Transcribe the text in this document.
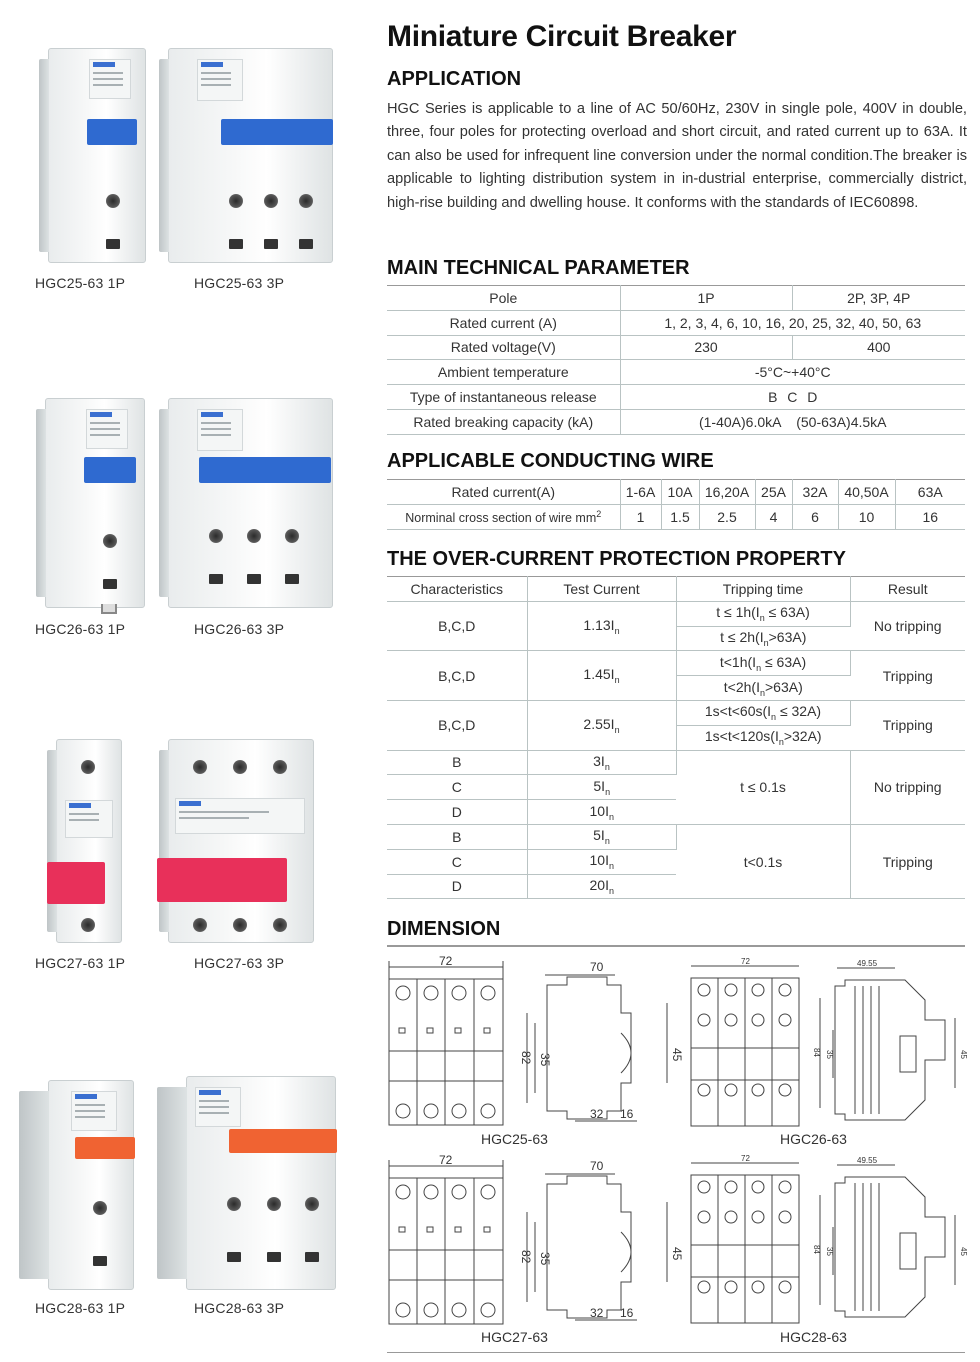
HGC25-63 1P	HGC25-63 3P
HGC26-63 1P	HGC26-63 3P
HGC27-63 1P	HGC27-63 3P
HGC28-63 1P	HGC28-63 3P
Miniature Circuit Breaker
APPLICATION
HGC Series is applicable to a line of AC 50/60Hz, 230V in single pole, 400V in double, three, four poles for protecting overload and short circuit, and rated current up to 63A. It can also be used for infrequent line conversion under the normal condition.The breaker is applicable to lighting distribution system in in-dustrial enterprise, commercially district, high-rise building and dwelling house. It conforms with the standards of IEC60898.
MAIN TECHNICAL PARAMETER
Pole	1P	2P, 3P, 4P
Rated current (A)	1, 2, 3, 4, 6, 10, 16, 20, 25, 32, 40, 50, 63	
Rated voltage(V)	230	400
Ambient temperature	-5°C~+40°C	
Type of instantaneous release	B C D	
Rated breaking capacity (kA)	(1-40A)6.0kA    (50-63A)4.5kA	
APPLICABLE CONDUCTING WIRE
Rated current(A)	1-6A	10A	16,20A	25A	32A	40,50A	63A
Norminal cross section of wire $mm^2$	1	1.5	2.5	4	6	10	16
THE OVER-CURRENT PROTECTION PROPERTY
Characteristics	Test Current	Tripping time	Result
B,C,D	$1.13I_n$	$t \le 1h(I_n \le 63A)$	No tripping
		$t \le 2h(I_n>63A)$	
B,C,D	$1.45I_n$	$t<1h(I_n \le 63A)$	Tripping
		$t<2h(I_n>63A)$	
B,C,D	$2.55I_n$	$1s<t<60s(I_n \le 32A)$	Tripping
		$1s<t<120s(I_n>32A)$	
B	$3I_n$	t ≤ 0.1s	No tripping
C	$5I_n$
D	$10I_n$
B	$5I_n$	t<0.1s	Tripping
C	$10I_n$
D	$20I_n$
DIMENSION
72	70
35
82	45
32 16
HGC25-63
72	49.55
84 35	45
HGC26-63
72	70
35
82	45
32 16
HGC27-63
72	49.55
84 35	45
HGC28-63
